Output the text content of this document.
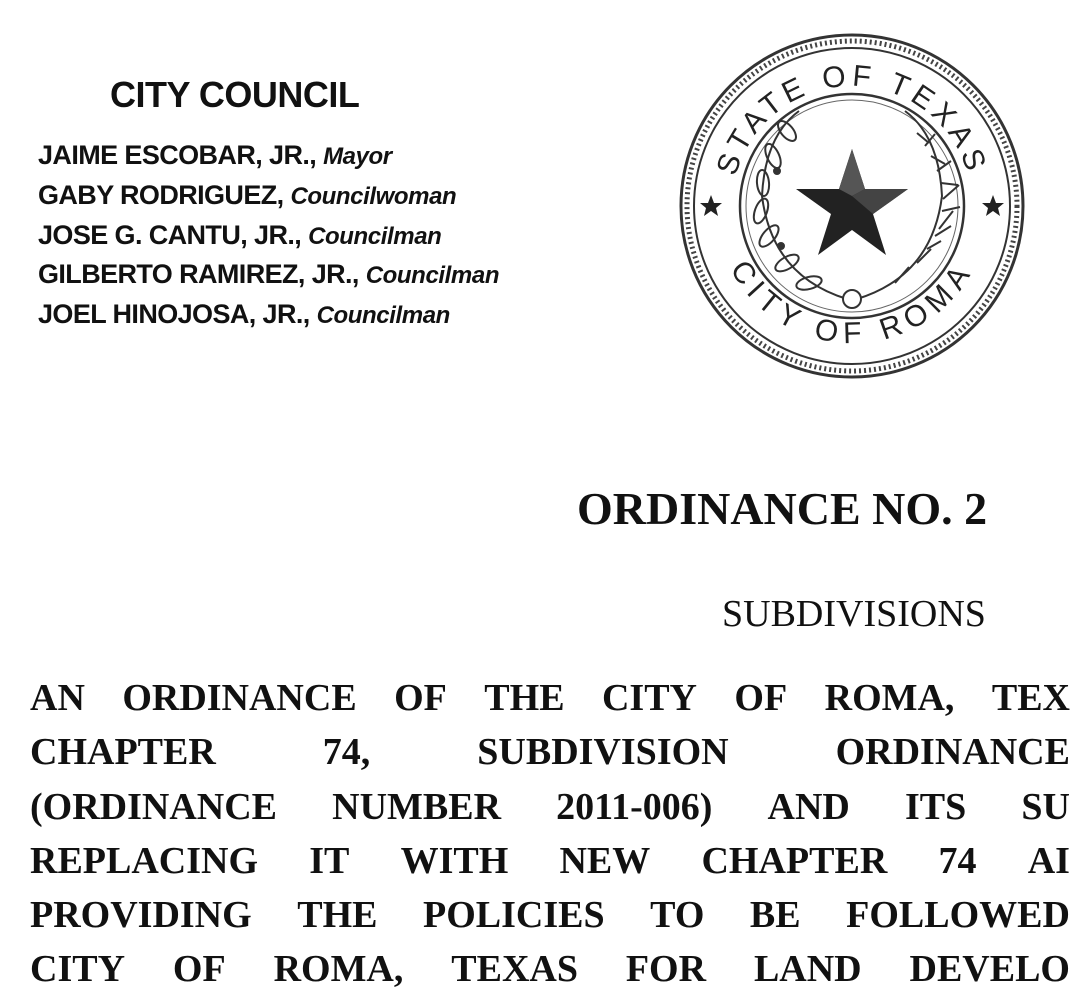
CITY COUNCIL
JAIME ESCOBAR, JR., Mayor
GABY RODRIGUEZ, Councilwoman
JOSE G. CANTU, JR., Councilman
GILBERTO RAMIREZ, JR., Councilman
JOEL HINOJOSA, JR., Councilman
STATE OF TEXAS
CITY OF ROMA
ORDINANCE NO. 2
SUBDIVISIONS
AN ORDINANCE OF THE CITY OF ROMA, TEX
CHAPTER	74,	SUBDIVISION	ORDINANCE
(ORDINANCE NUMBER 2011-006) AND ITS SU
REPLACING IT WITH NEW CHAPTER 74 AI
PROVIDING THE POLICIES TO BE FOLLOWED
CITY OF ROMA, TEXAS FOR LAND DEVELO
